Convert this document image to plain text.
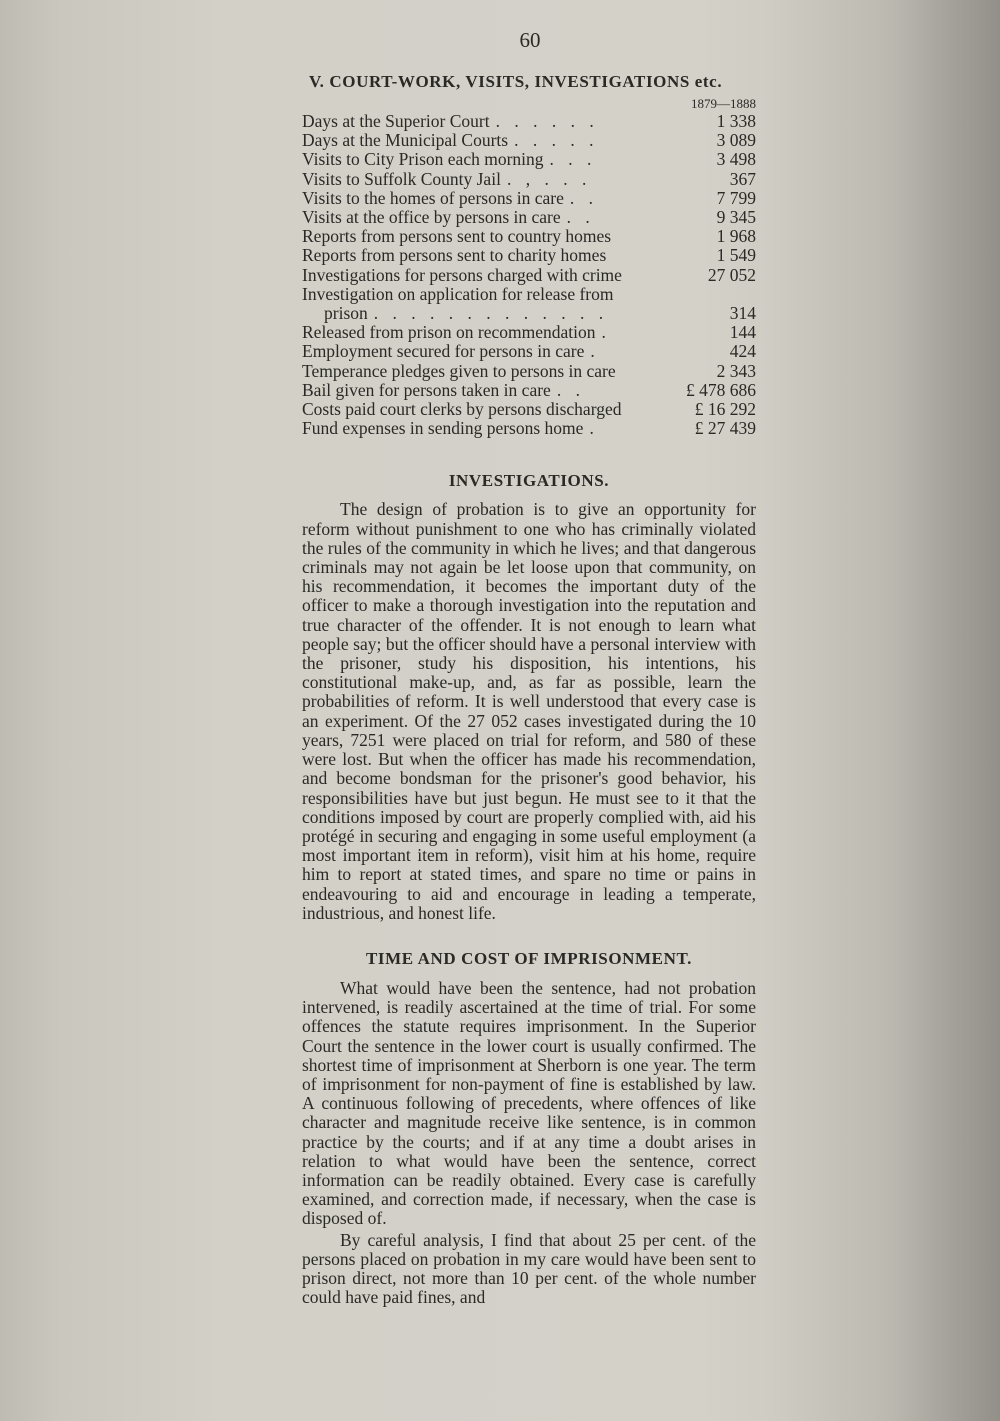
60
V. COURT-WORK, VISITS, INVESTIGATIONS etc.
1879—1888
Days at the Superior Court . . . . . .	1 338
Days at the Municipal Courts . . . . .	3 089
Visits to City Prison each morning . . .	3 498
Visits to Suffolk County Jail . , . . .	367
Visits to the homes of persons in care . .	7 799
Visits at the office by persons in care . .	9 345
Reports from persons sent to country homes	1 968
Reports from persons sent to charity homes	1 549
Investigations for persons charged with crime	27 052
Investigation on application for release from
prison . . . . . . . . . . . . .	314
Released from prison on recommendation .	144
Employment secured for persons in care .	424
Temperance pledges given to persons in care	2 343
Bail given for persons taken in care . .	£ 478 686
Costs paid court clerks by persons discharged	£ 16 292
Fund expenses in sending persons home .	£ 27 439
INVESTIGATIONS.

The design of probation is to give an opportunity for reform without punishment to one who has criminally violated the rules of the community in which he lives; and that dangerous criminals may not again be let loose upon that community, on his recommendation, it becomes the important duty of the officer to make a thorough investigation into the reputation and true character of the offender. It is not enough to learn what people say; but the officer should have a personal interview with the prisoner, study his disposition, his intentions, his constitutional make-up, and, as far as possible, learn the probabilities of reform. It is well understood that every case is an experiment. Of the 27 052 cases investigated during the 10 years, 7251 were placed on trial for reform, and 580 of these were lost. But when the officer has made his recommendation, and become bondsman for the prisoner's good behavior, his responsibilities have but just begun. He must see to it that the conditions imposed by court are properly complied with, aid his protégé in securing and engaging in some useful employment (a most important item in reform), visit him at his home, require him to report at stated times, and spare no time or pains in endeavouring to aid and encourage in leading a temperate, industrious, and honest life.

TIME AND COST OF IMPRISONMENT.

What would have been the sentence, had not probation intervened, is readily ascertained at the time of trial. For some offences the statute requires imprisonment. In the Superior Court the sentence in the lower court is usually confirmed. The shortest time of imprisonment at Sherborn is one year. The term of imprisonment for non-payment of fine is established by law. A continuous following of precedents, where offences of like character and magnitude receive like sentence, is in common practice by the courts; and if at any time a doubt arises in relation to what would have been the sentence, correct information can be readily obtained. Every case is carefully examined, and correction made, if necessary, when the case is disposed of.

By careful analysis, I find that about 25 per cent. of the persons placed on probation in my care would have been sent to prison direct, not more than 10 per cent. of the whole number could have paid fines, and
